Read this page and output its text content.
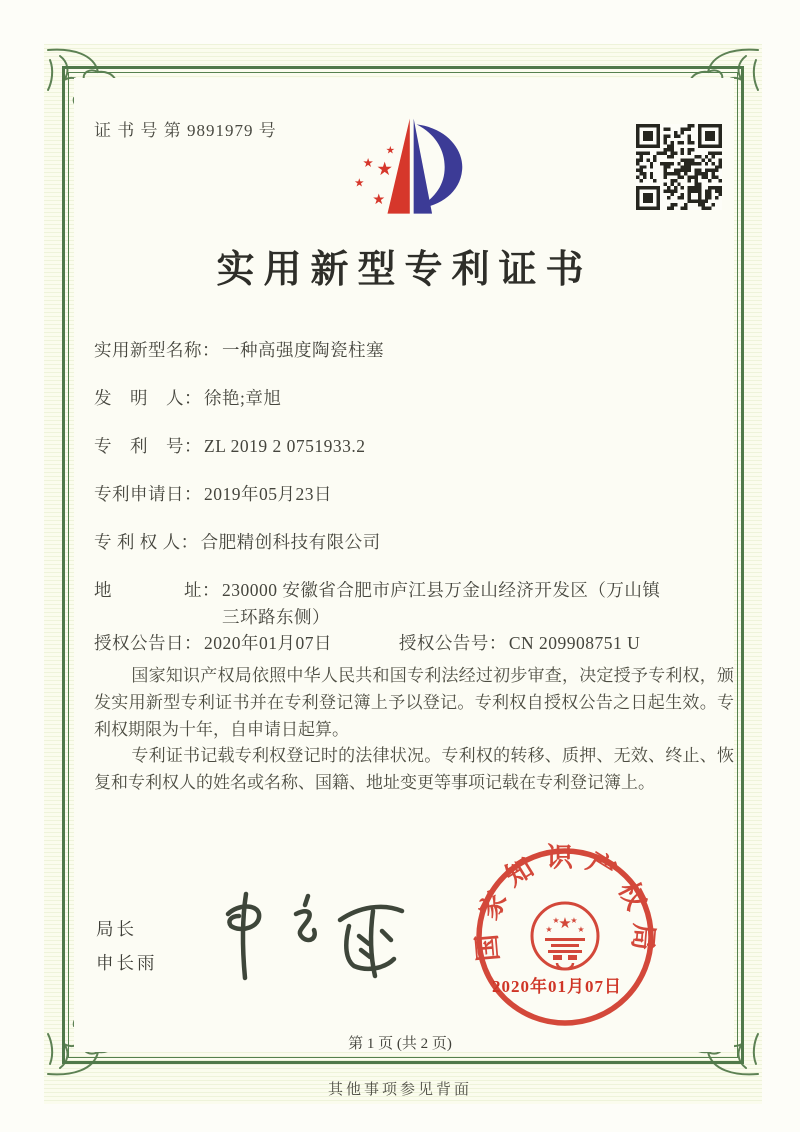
证 书 号 第 9891979 号
★
★
★
★
★
实用新型专利证书
实用新型名称： 一种高强度陶瓷柱塞
发　明　人： 徐艳;章旭
专　利　号： ZL 2019 2 0751933.2
专利申请日： 2019年05月23日
专 利 权 人： 合肥精创科技有限公司
地　　　　址： 230000 安徽省合肥市庐江县万金山经济开发区（万山镇
三环路东侧）
授权公告日： 2020年01月07日	授权公告号： CN 209908751 U

国家知识产权局依照中华人民共和国专利法经过初步审查，决定授予专利权，颁发实用新型专利证书并在专利登记簿上予以登记。专利权自授权公告之日起生效。专利权期限为十年，自申请日起算。

专利证书记载专利权登记时的法律状况。专利权的转移、质押、无效、终止、恢复和专利权人的姓名或名称、国籍、地址变更等事项记载在专利登记簿上。

局长
申长雨
国家知识产权局
★
★
★ ★
★
2020年01月07日
第 1 页 (共 2 页)
其他事项参见背面
